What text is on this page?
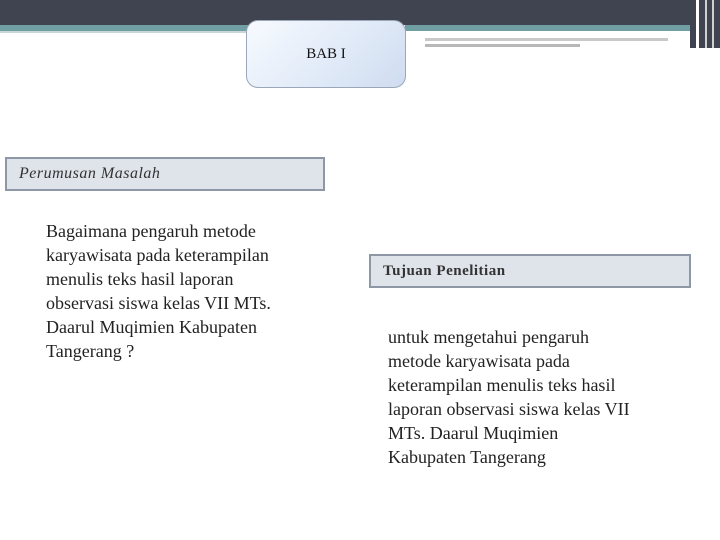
BAB I
Perumusan Masalah
Bagaimana pengaruh metode
karyawisata pada keterampilan
menulis teks hasil laporan
observasi siswa kelas VII MTs.
Daarul Muqimien Kabupaten
Tangerang ?
Tujuan Penelitian
untuk mengetahui pengaruh
metode karyawisata pada
keterampilan menulis teks hasil
laporan observasi siswa kelas VII
MTs. Daarul Muqimien
Kabupaten Tangerang
